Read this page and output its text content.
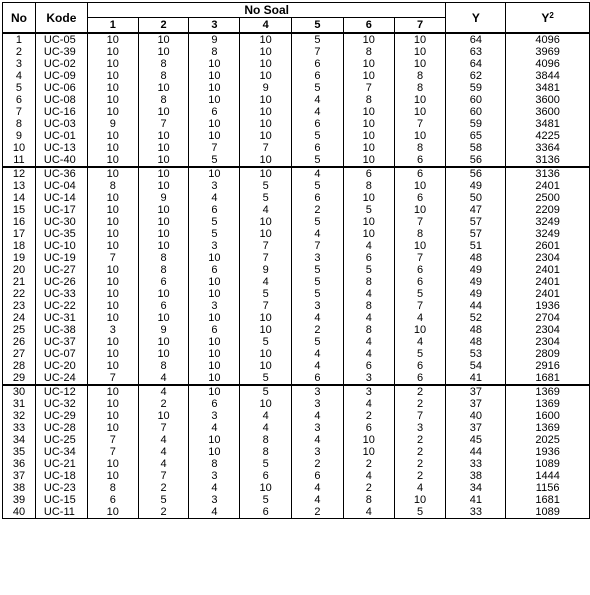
No	Kode	No Soal							Y	$Y^2$
		1	2	3	4	5	6	7		
1	UC-05	10	10	9	10	5	10	10	64	4096
2	UC-39	10	10	8	10	7	8	10	63	3969
3	UC-02	10	8	10	10	6	10	10	64	4096
4	UC-09	10	8	10	10	6	10	8	62	3844
5	UC-06	10	10	10	9	5	7	8	59	3481
6	UC-08	10	8	10	10	4	8	10	60	3600
7	UC-16	10	10	6	10	4	10	10	60	3600
8	UC-03	9	7	10	10	6	10	7	59	3481
9	UC-01	10	10	10	10	5	10	10	65	4225
10	UC-13	10	10	7	7	6	10	8	58	3364
11	UC-40	10	10	5	10	5	10	6	56	3136
12	UC-36	10	10	10	10	4	6	6	56	3136
13	UC-04	8	10	3	5	5	8	10	49	2401
14	UC-14	10	9	4	5	6	10	6	50	2500
15	UC-17	10	10	6	4	2	5	10	47	2209
16	UC-30	10	10	5	10	5	10	7	57	3249
17	UC-35	10	10	5	10	4	10	8	57	3249
18	UC-10	10	10	3	7	7	4	10	51	2601
19	UC-19	7	8	10	7	3	6	7	48	2304
20	UC-27	10	8	6	9	5	5	6	49	2401
21	UC-26	10	6	10	4	5	8	6	49	2401
22	UC-33	10	10	10	5	5	4	5	49	2401
23	UC-22	10	6	3	7	3	8	7	44	1936
24	UC-31	10	10	10	10	4	4	4	52	2704
25	UC-38	3	9	6	10	2	8	10	48	2304
26	UC-37	10	10	10	5	5	4	4	48	2304
27	UC-07	10	10	10	10	4	4	5	53	2809
28	UC-20	10	8	10	10	4	6	6	54	2916
29	UC-24	7	4	10	5	6	3	6	41	1681
30	UC-12	10	4	10	5	3	3	2	37	1369
31	UC-32	10	2	6	10	3	4	2	37	1369
32	UC-29	10	10	3	4	4	2	7	40	1600
33	UC-28	10	7	4	4	3	6	3	37	1369
34	UC-25	7	4	10	8	4	10	2	45	2025
35	UC-34	7	4	10	8	3	10	2	44	1936
36	UC-21	10	4	8	5	2	2	2	33	1089
37	UC-18	10	7	3	6	6	4	2	38	1444
38	UC-23	8	2	4	10	4	2	4	34	1156
39	UC-15	6	5	3	5	4	8	10	41	1681
40	UC-11	10	2	4	6	2	4	5	33	1089
